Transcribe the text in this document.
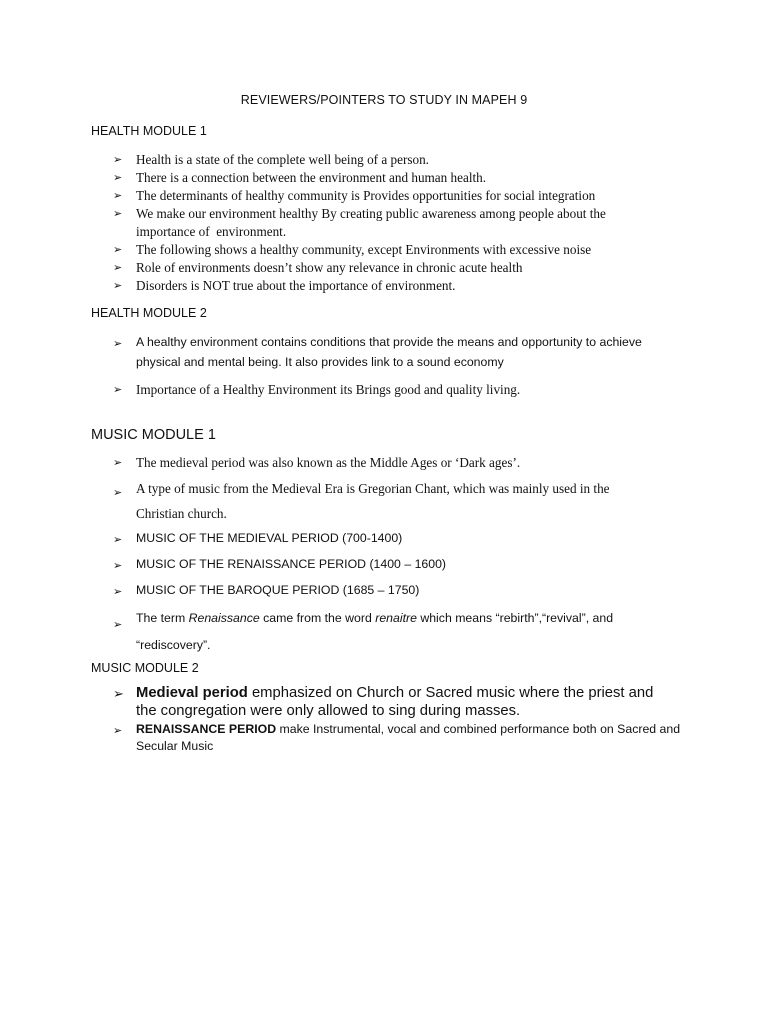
REVIEWERS/POINTERS TO STUDY IN MAPEH 9
HEALTH MODULE 1
➢ Health is a state of the complete well being of a person.
➢ There is a connection between the environment and human health.
➢ The determinants of healthy community is Provides opportunities for social integration
➢ We make our environment healthy By creating public awareness among people about the importance of  environment.
➢ The following shows a healthy community, except Environments with excessive noise
➢ Role of environments doesn’t show any relevance in chronic acute health
➢ Disorders is NOT true about the importance of environment.
HEALTH MODULE 2
➢ A healthy environment contains conditions that provide the means and opportunity to achieve physical and mental being. It also provides link to a sound economy
➢ Importance of a Healthy Environment its Brings good and quality living.
MUSIC MODULE 1
➢ The medieval period was also known as the Middle Ages or ‘Dark ages’.
➢ A type of music from the Medieval Era is Gregorian Chant, which was mainly used in the Christian church.
➢ MUSIC OF THE MEDIEVAL PERIOD (700-1400)
➢ MUSIC OF THE RENAISSANCE PERIOD (1400 – 1600)
➢ MUSIC OF THE BAROQUE PERIOD (1685 – 1750)
➢ The term Renaissance came from the word renaitre which means “rebirth”,“revival”, and “rediscovery”.
MUSIC MODULE 2
➢ Medieval period emphasized on Church or Sacred music where the priest and the congregation were only allowed to sing during masses.
➢ RENAISSANCE PERIOD make Instrumental, vocal and combined performance both on Sacred and Secular Music
